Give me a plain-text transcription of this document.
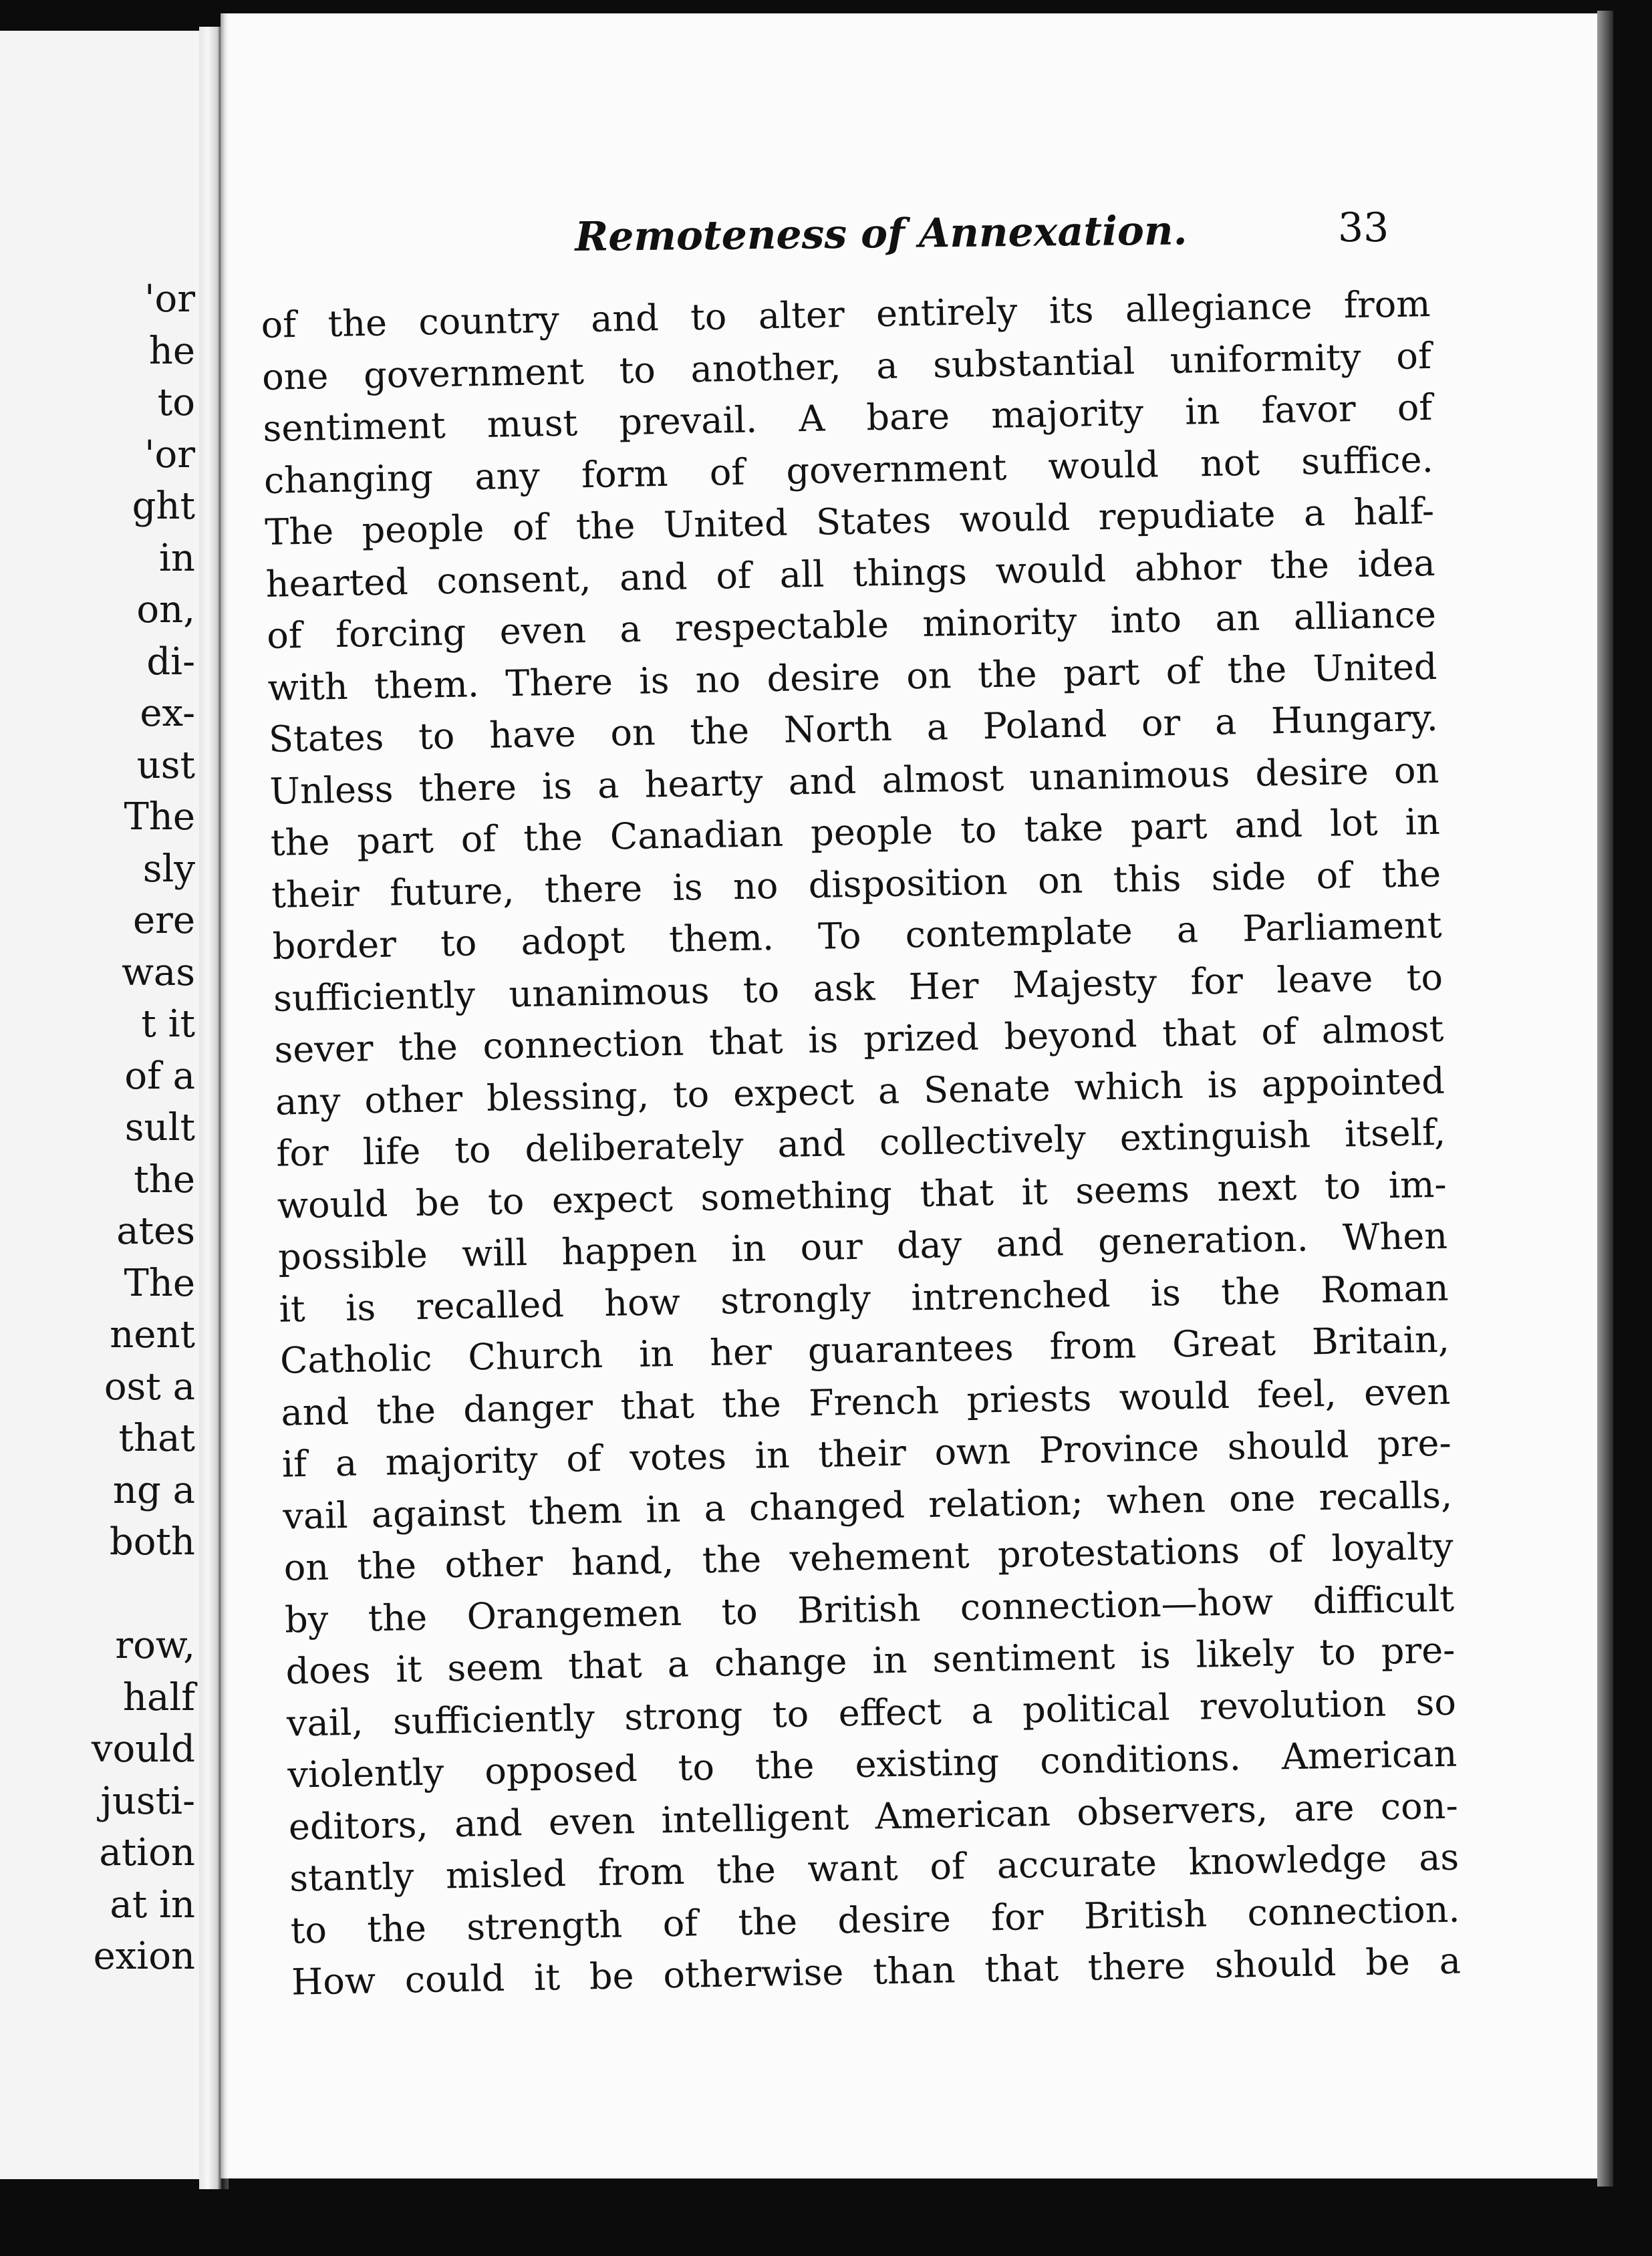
'or
he
to
'or
ght
in
on,
di-
ex-
ust
The
sly
ere
was
t it
of a
sult
the
ates
The
nent
ost a
that
ng a
both
row,
half
vould
justi-
ation
at in
exion
Remoteness of Annexation.	33
of the country and to alter entirely its allegiance from
one government to another, a substantial uniformity of
sentiment must prevail. A bare majority in favor of
changing any form of government would not suffice.
The people of the United States would repudiate a half-
hearted consent, and of all things would abhor the idea
of forcing even a respectable minority into an alliance
with them. There is no desire on the part of the United
States to have on the North a Poland or a Hungary.
Unless there is a hearty and almost unanimous desire on
the part of the Canadian people to take part and lot in
their future, there is no disposition on this side of the
border to adopt them. To contemplate a Parliament
sufficiently unanimous to ask Her Majesty for leave to
sever the connection that is prized beyond that of almost
any other blessing, to expect a Senate which is appointed
for life to deliberately and collectively extinguish itself,
would be to expect something that it seems next to im-
possible will happen in our day and generation. When
it is recalled how strongly intrenched is the Roman
Catholic Church in her guarantees from Great Britain,
and the danger that the French priests would feel, even
if a majority of votes in their own Province should pre-
vail against them in a changed relation; when one recalls,
on the other hand, the vehement protestations of loyalty
by the Orangemen to British connection—how difficult
does it seem that a change in sentiment is likely to pre-
vail, sufficiently strong to effect a political revolution so
violently opposed to the existing conditions. American
editors, and even intelligent American observers, are con-
stantly misled from the want of accurate knowledge as
to the strength of the desire for British connection.
How could it be otherwise than that there should be a
